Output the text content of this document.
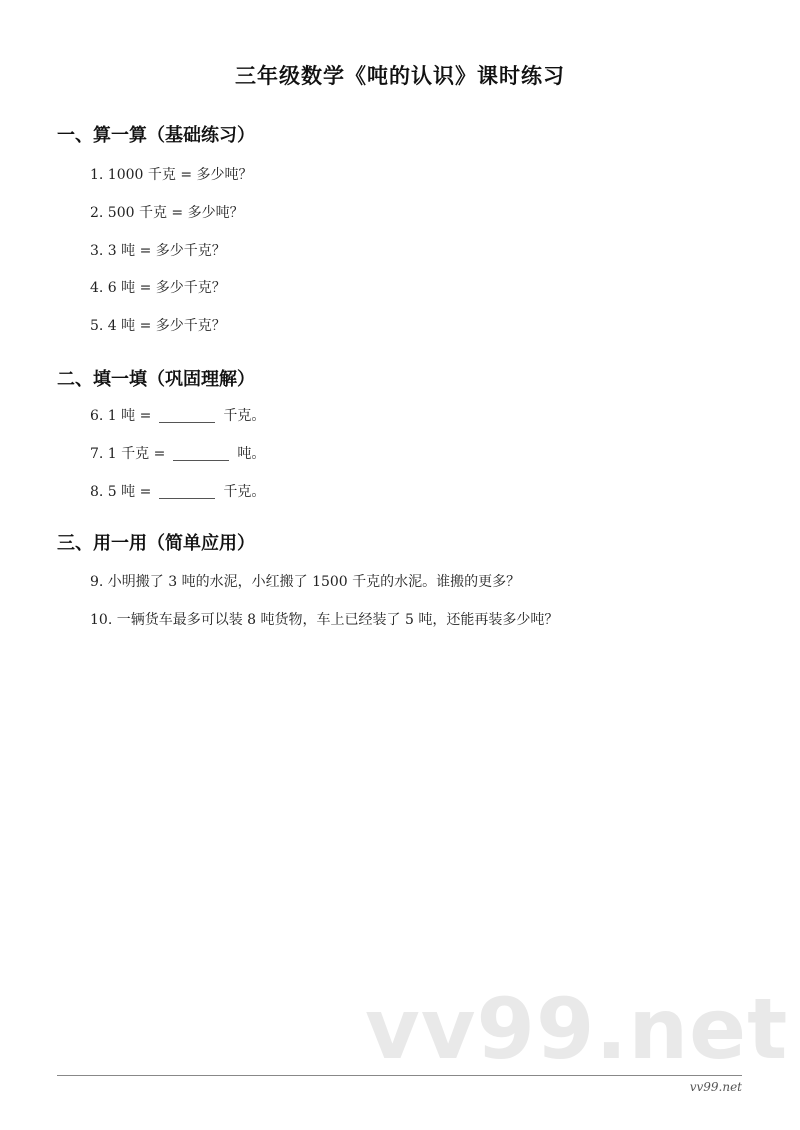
三年级数学《吨的认识》课时练习
一、算一算（基础练习）
1. 1000 千克 = 多少吨？
2. 500 千克 = 多少吨？
3. 3 吨 = 多少千克？
4. 6 吨 = 多少千克？
5. 4 吨 = 多少千克？
二、填一填（巩固理解）
6. 1 吨 =	千克。
7. 1 千克 =	吨。
8. 5 吨 =	千克。
三、用一用（简单应用）
9. 小明搬了 3 吨的水泥，小红搬了 1500 千克的水泥。谁搬的更多？
10. 一辆货车最多可以装 8 吨货物，车上已经装了 5 吨，还能再装多少吨？
vv99.net
vv99.net
